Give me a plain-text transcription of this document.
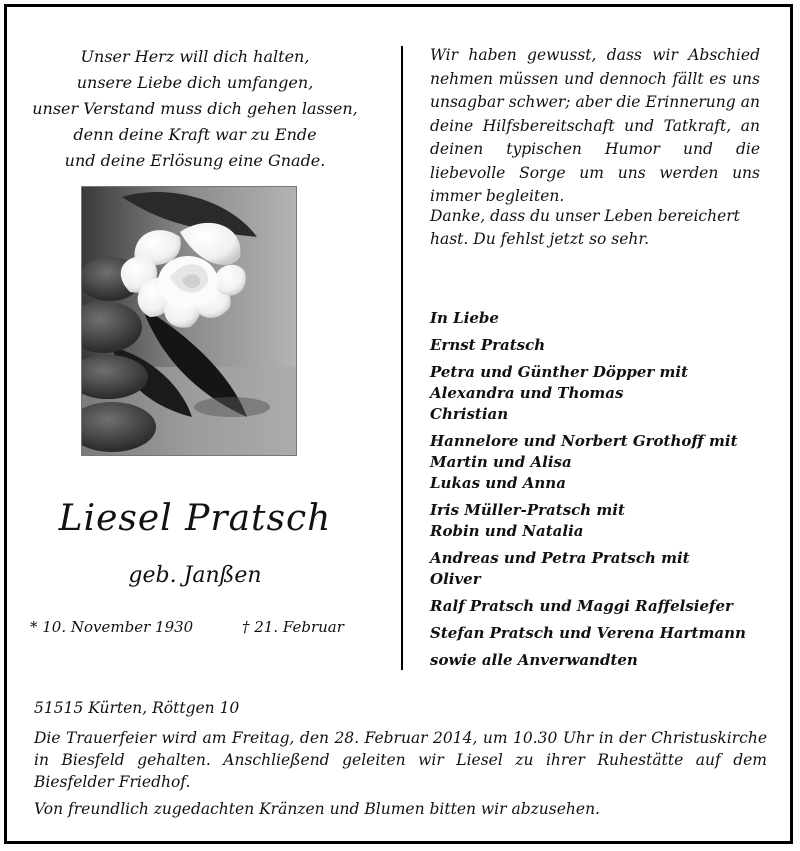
Unser Herz will dich halten,
unsere Liebe dich umfangen,
unser Verstand muss dich gehen lassen,
denn deine Kraft war zu Ende
und deine Erlösung eine Gnade.
Liesel Pratsch
geb. Janßen
* 10. November 1930	† 21. Februar
Wir haben gewusst, dass wir Abschied nehmen müssen und dennoch fällt es uns unsagbar schwer; aber die Erinnerung an deine Hilfsbereitschaft und Tatkraft, an deinen typischen Humor und die liebevolle Sorge um uns werden uns immer begleiten.
Danke, dass du unser Leben bereichert hast. Du fehlst jetzt so sehr.
In Liebe
Ernst Pratsch
Petra und Günther Döpper mit
Alexandra und Thomas
Christian
Hannelore und Norbert Grothoff mit
Martin und Alisa
Lukas und Anna
Iris Müller-Pratsch mit
Robin und Natalia
Andreas und Petra Pratsch mit
Oliver
Ralf Pratsch und Maggi Raffelsiefer
Stefan Pratsch und Verena Hartmann
sowie alle Anverwandten
51515 Kürten, Röttgen 10
Die Trauerfeier wird am Freitag, den 28. Februar 2014, um 10.30 Uhr in der Christuskirche in Biesfeld gehalten. Anschließend geleiten wir Liesel zu ihrer Ruhestätte auf dem Biesfelder Friedhof.
Von freundlich zugedachten Kränzen und Blumen bitten wir abzusehen.
